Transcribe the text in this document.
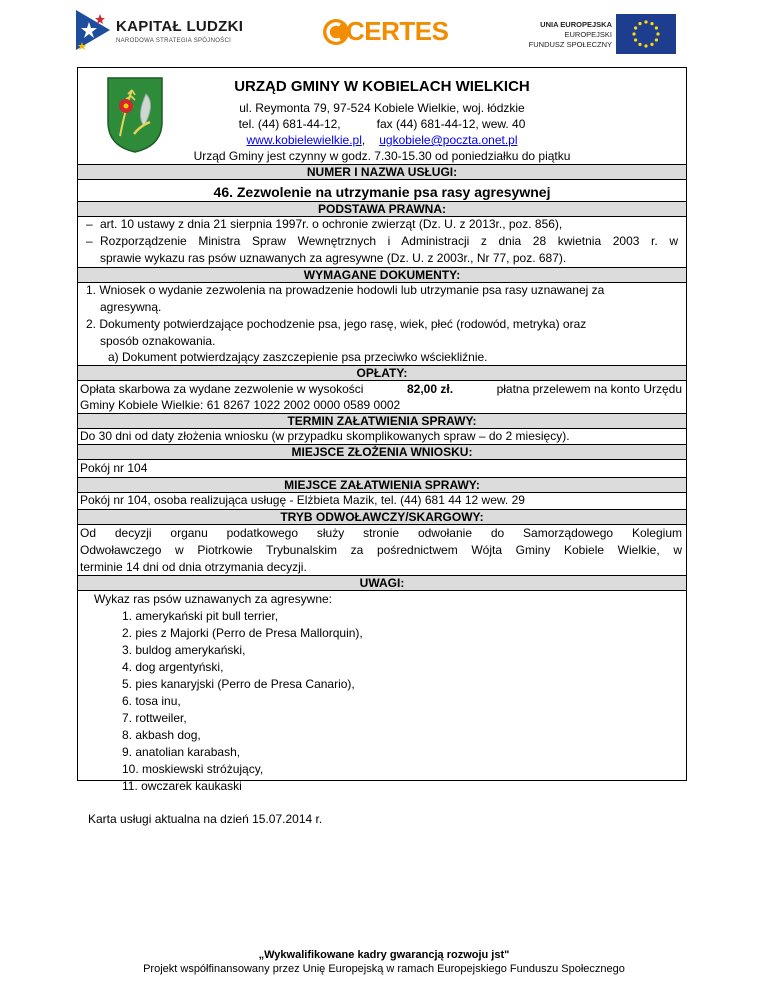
KAPITAŁ LUDZKI
NARODOWA STRATEGIA SPÓJNOŚCI	CERTES	UNIA EUROPEJSKA
EUROPEJSKI
FUNDUSZ SPOŁECZNY
URZĄD GMINY W KOBIELACH WIELKICH
ul. Reymonta 79, 97-524 Kobiele Wielkie, woj. łódzkie
tel. (44) 681-44-12,	fax (44) 681-44-12, wew. 40
www.kobielewielkie.pl, ugkobiele@poczta.onet.pl
Urząd Gminy jest czynny w godz. 7.30-15.30 od poniedziałku do piątku
NUMER I NAZWA USŁUGI:
46. Zezwolenie na utrzymanie psa rasy agresywnej
PODSTAWA PRAWNA:
– art. 10 ustawy z dnia 21 sierpnia 1997r. o ochronie zwierząt (Dz. U. z 2013r., poz. 856),
– Rozporządzenie Ministra Spraw Wewnętrznych i Administracji z dnia 28 kwietnia 2003 r. w
sprawie wykazu ras psów uznawanych za agresywne (Dz. U. z 2003r., Nr 77, poz. 687).
WYMAGANE DOKUMENTY:
1. Wniosek o wydanie zezwolenia na prowadzenie hodowli lub utrzymanie psa rasy uznawanej za
agresywną.
2. Dokumenty potwierdzające pochodzenie psa, jego rasę, wiek, płeć (rodowód, metryka) oraz
sposób oznakowania.
a) Dokument potwierdzający zaszczepienie psa przeciwko wściekliźnie.
OPŁATY:
Opłata skarbowa za wydane zezwolenie w wysokości	82,00 zł.	płatna przelewem na konto Urzędu
Gminy Kobiele Wielkie: 61 8267 1022 2002 0000 0589 0002
TERMIN ZAŁATWIENIA SPRAWY:
Do 30 dni od daty złożenia wniosku (w przypadku skomplikowanych spraw – do 2 miesięcy).
MIEJSCE ZŁOŻENIA WNIOSKU:
Pokój nr 104
MIEJSCE ZAŁATWIENIA SPRAWY:
Pokój nr 104, osoba realizująca usługę - Elżbieta Mazik, tel. (44) 681 44 12 wew. 29
TRYB ODWOŁAWCZY/SKARGOWY:
Od decyzji organu podatkowego służy stronie odwołanie do Samorządowego Kolegium
Odwoławczego w Piotrkowie Trybunalskim za pośrednictwem Wójta Gminy Kobiele Wielkie, w
terminie 14 dni od dnia otrzymania decyzji.
UWAGI:
Wykaz ras psów uznawanych za agresywne:
1. amerykański pit bull terrier,
2. pies z Majorki (Perro de Presa Mallorquin),
3. buldog amerykański,
4. dog argentyński,
5. pies kanaryjski (Perro de Presa Canario),
6. tosa inu,
7. rottweiler,
8. akbash dog,
9. anatolian karabash,
10. moskiewski stróżujący,
11. owczarek kaukaski
Karta usługi aktualna na dzień 15.07.2014 r.
„Wykwalifikowane kadry gwarancją rozwoju jst"
Projekt współfinansowany przez Unię Europejską w ramach Europejskiego Funduszu Społecznego
